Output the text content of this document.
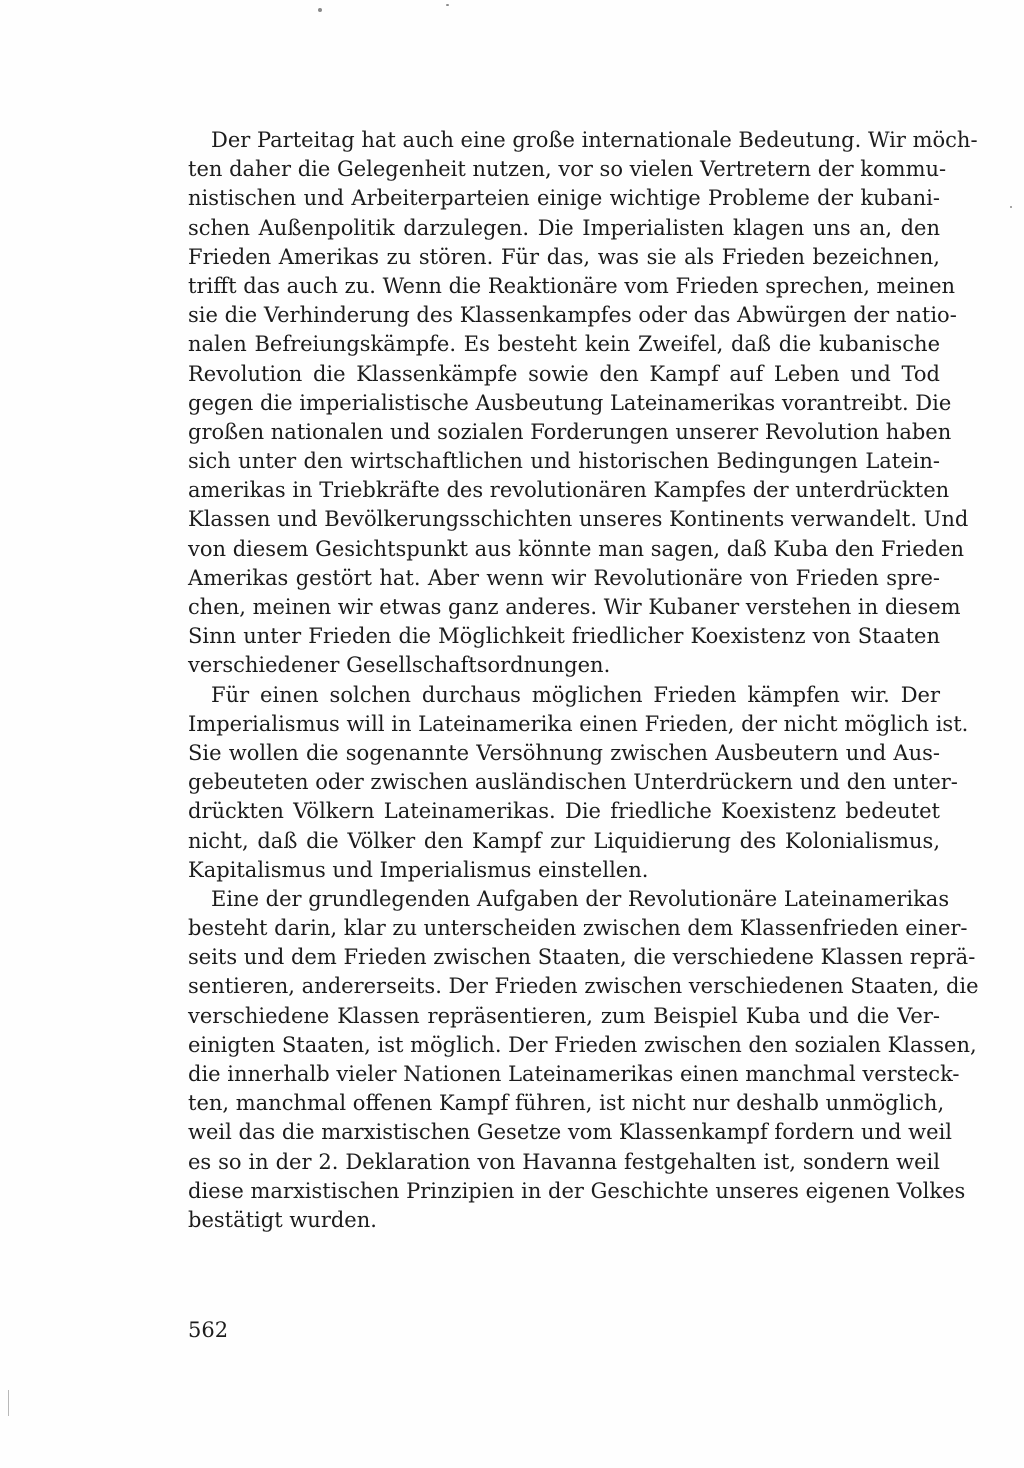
Der Parteitag hat auch eine große internationale Bedeutung. Wir möch-
ten daher die Gelegenheit nutzen, vor so vielen Vertretern der kommu-
nistischen und Arbeiterparteien einige wichtige Probleme der kubani-
schen Außenpolitik darzulegen. Die Imperialisten klagen uns an, den
Frieden Amerikas zu stören. Für das, was sie als Frieden bezeichnen,
trifft das auch zu. Wenn die Reaktionäre vom Frieden sprechen, meinen
sie die Verhinderung des Klassenkampfes oder das Abwürgen der natio-
nalen Befreiungskämpfe. Es besteht kein Zweifel, daß die kubanische
Revolution die Klassenkämpfe sowie den Kampf auf Leben und Tod
gegen die imperialistische Ausbeutung Lateinamerikas vorantreibt. Die
großen nationalen und sozialen Forderungen unserer Revolution haben
sich unter den wirtschaftlichen und historischen Bedingungen Latein-
amerikas in Triebkräfte des revolutionären Kampfes der unterdrückten
Klassen und Bevölkerungsschichten unseres Kontinents verwandelt. Und
von diesem Gesichtspunkt aus könnte man sagen, daß Kuba den Frieden
Amerikas gestört hat. Aber wenn wir Revolutionäre von Frieden spre-
chen, meinen wir etwas ganz anderes. Wir Kubaner verstehen in diesem
Sinn unter Frieden die Möglichkeit friedlicher Koexistenz von Staaten
verschiedener Gesellschaftsordnungen.
Für einen solchen durchaus möglichen Frieden kämpfen wir. Der
Imperialismus will in Lateinamerika einen Frieden, der nicht möglich ist.
Sie wollen die sogenannte Versöhnung zwischen Ausbeutern und Aus-
gebeuteten oder zwischen ausländischen Unterdrückern und den unter-
drückten Völkern Lateinamerikas. Die friedliche Koexistenz bedeutet
nicht, daß die Völker den Kampf zur Liquidierung des Kolonialismus,
Kapitalismus und Imperialismus einstellen.
Eine der grundlegenden Aufgaben der Revolutionäre Lateinamerikas
besteht darin, klar zu unterscheiden zwischen dem Klassenfrieden einer-
seits und dem Frieden zwischen Staaten, die verschiedene Klassen reprä-
sentieren, andererseits. Der Frieden zwischen verschiedenen Staaten, die
verschiedene Klassen repräsentieren, zum Beispiel Kuba und die Ver-
einigten Staaten, ist möglich. Der Frieden zwischen den sozialen Klassen,
die innerhalb vieler Nationen Lateinamerikas einen manchmal versteck-
ten, manchmal offenen Kampf führen, ist nicht nur deshalb unmöglich,
weil das die marxistischen Gesetze vom Klassenkampf fordern und weil
es so in der 2. Deklaration von Havanna festgehalten ist, sondern weil
diese marxistischen Prinzipien in der Geschichte unseres eigenen Volkes
bestätigt wurden.
562
